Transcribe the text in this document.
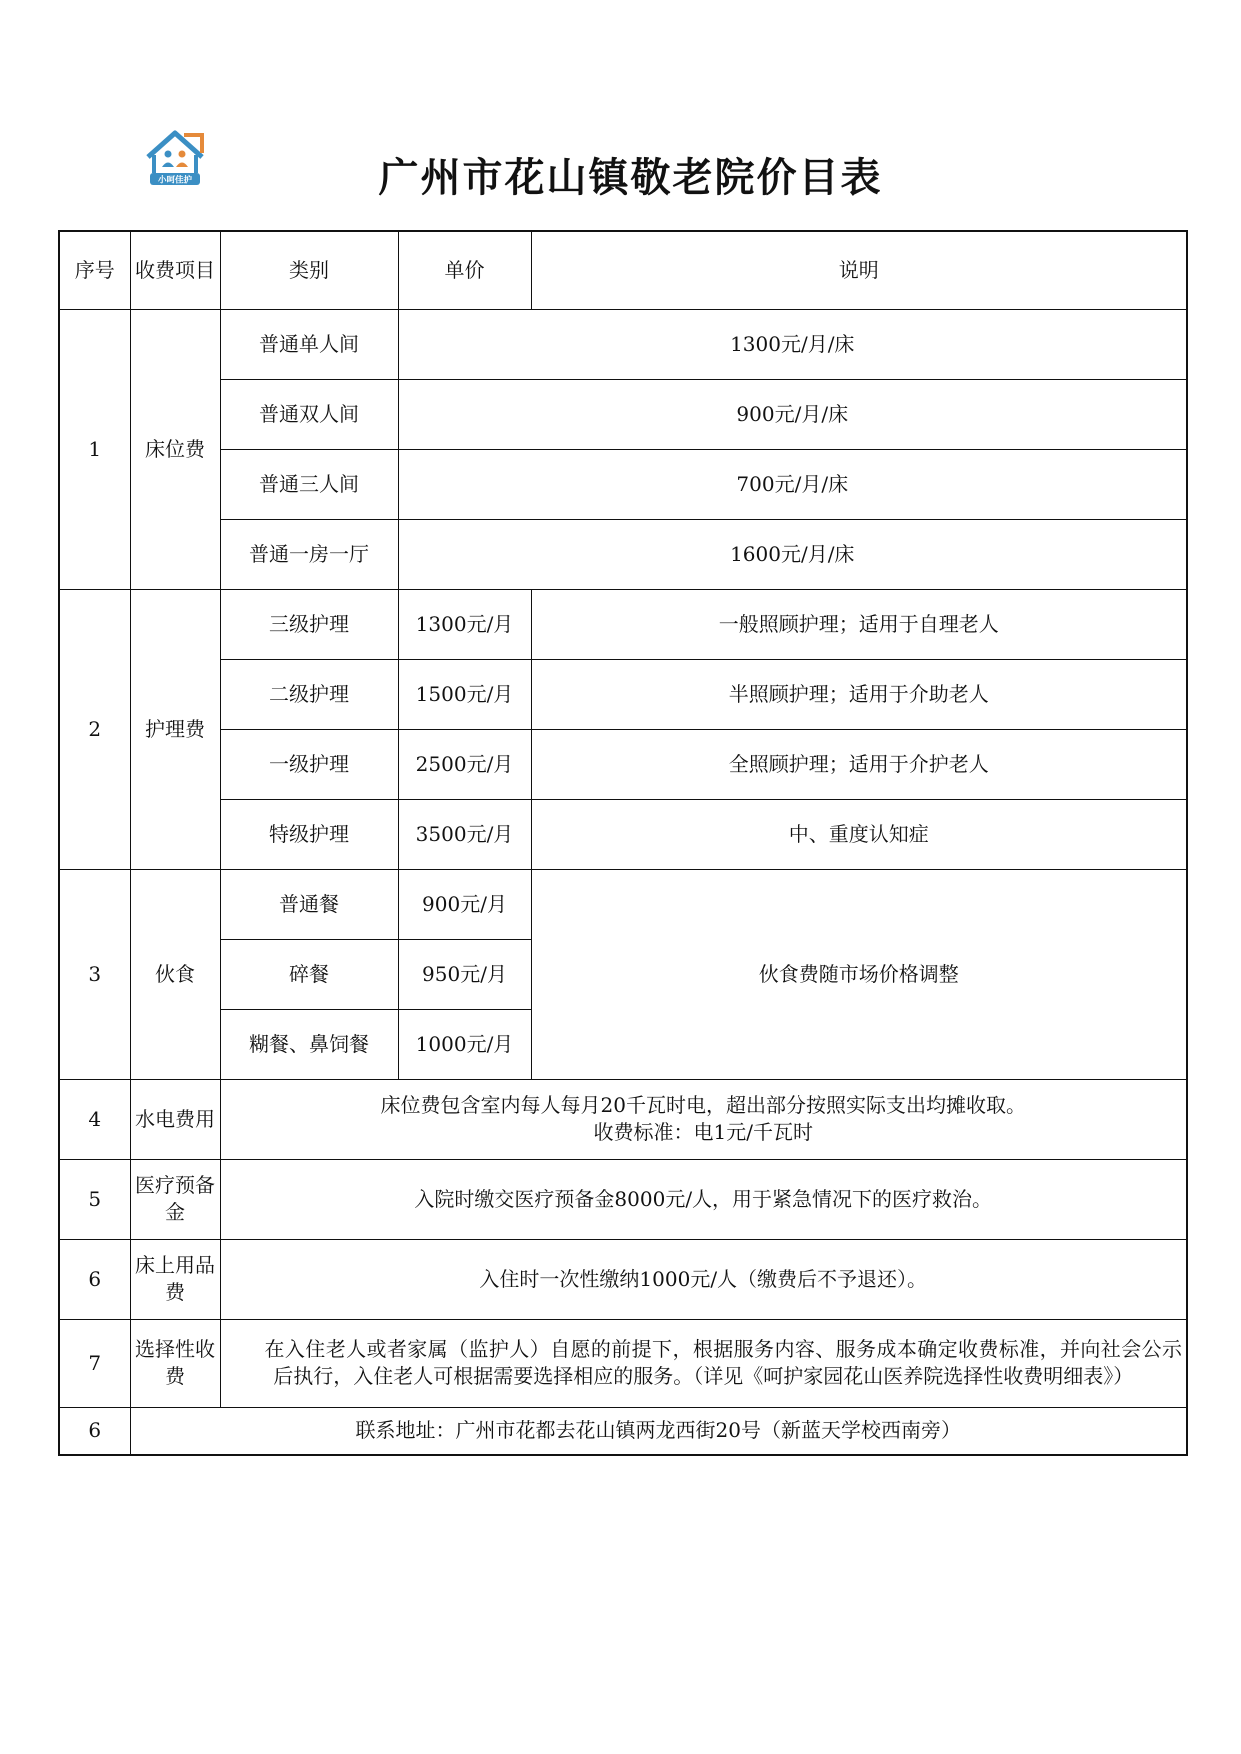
小呵佳护	广州市花山镇敬老院价目表
序号	收费项目	类别	单价	说明
1	床位费	普通单人间	1300元/月/床	
		普通双人间	900元/月/床	
		普通三人间	700元/月/床	
		普通一房一厅	1600元/月/床	
2	护理费	三级护理	1300元/月	一般照顾护理；适用于自理老人
		二级护理	1500元/月	半照顾护理；适用于介助老人
		一级护理	2500元/月	全照顾护理；适用于介护老人
		特级护理	3500元/月	中、重度认知症
3	伙食	普通餐	900元/月	伙食费随市场价格调整
		碎餐	950元/月	
		糊餐、鼻饲餐	1000元/月	
4	水电费用	床位费包含室内每人每月20千瓦时电，超出部分按照实际支出均摊收取。
收费标准：电1元/千瓦时		

5	医疗预备金	入院时缴交医疗预备金8000元/人，用于紧急情况下的医疗救治。		
6	床上用品费	入住时一次性缴纳1000元/人（缴费后不予退还）。		
7	选择性收费	在入住老人或者家属（监护人）自愿的前提下，根据服务内容、服务成本确定收费标准，并向社会公示后执行，入住老人可根据需要选择相应的服务。（详见《呵护家园花山医养院选择性收费明细表》）		
6	联系地址：广州市花都去花山镇两龙西街20号（新蓝天学校西南旁）			
